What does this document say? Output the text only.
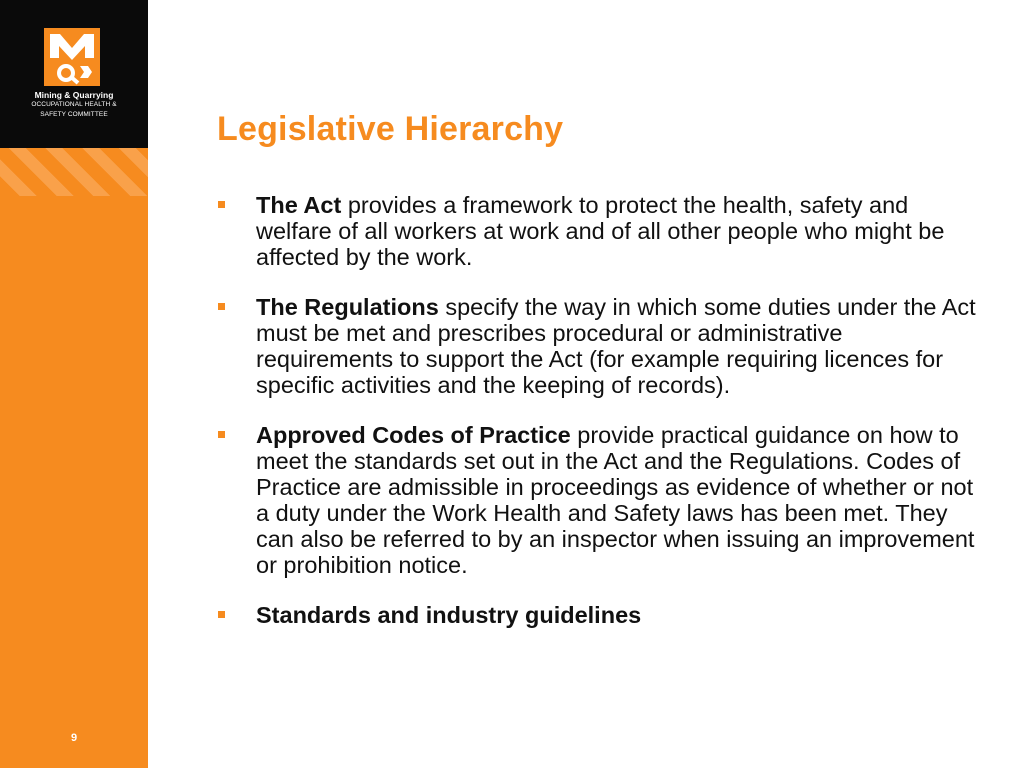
Mining & Quarrying
OCCUPATIONAL HEALTH &
SAFETY COMMITTEE
9
Legislative Hierarchy

The Act provides a framework to protect the health, safety and welfare of all workers at work and of all other people who might be affected by the work.

The Regulations specify the way in which some duties under the Act must be met and prescribes procedural or administrative requirements to support the Act (for example requiring licences for specific activities and the keeping of records).

Approved Codes of Practice provide practical guidance on how to meet the standards set out in the Act and the Regulations. Codes of Practice are admissible in proceedings as evidence of whether or not a duty under the Work Health and Safety laws has been met. They can also be referred to by an inspector when issuing an improvement or prohibition notice.

Standards and industry guidelines
